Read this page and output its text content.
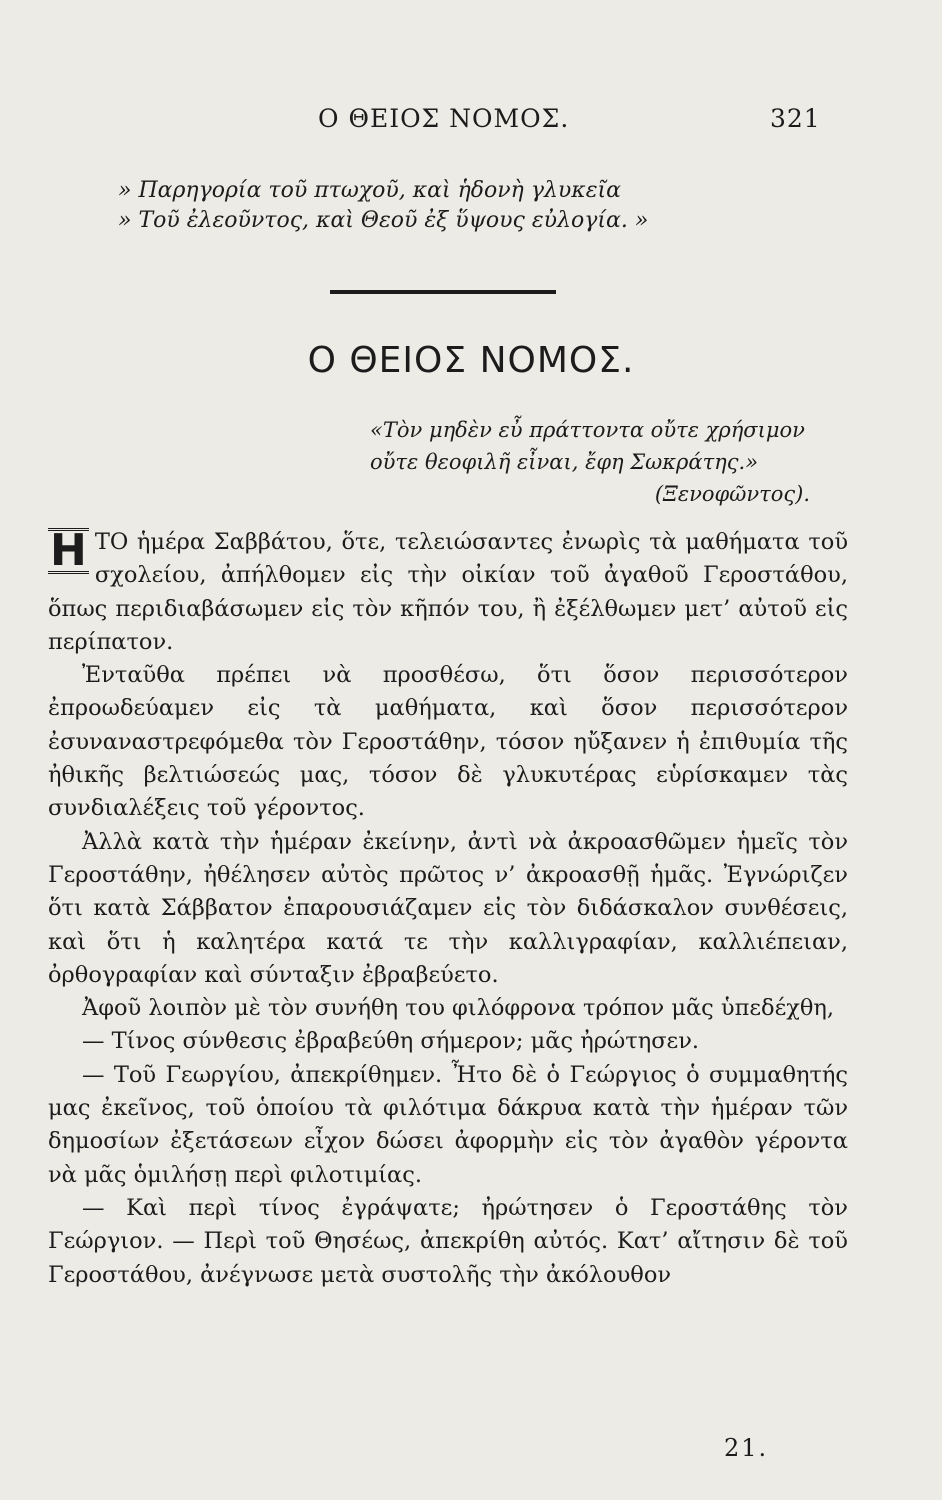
Ο ΘΕΙΟΣ ΝΟΜΟΣ.	321
» Παρηγορία τοῦ πτωχοῦ, καὶ ἡδονὴ γλυκεῖα
» Τοῦ ἐλεοῦντος, καὶ Θεοῦ ἐξ ὕψους εὐλογία. »
Ο ΘΕΙΟΣ ΝΟΜΟΣ.
«Τὸν μηδὲν εὖ πράττοντα οὔτε χρήσιμον
οὔτε θεοφιλῆ εἶναι, ἔφη Σωκράτης.»
(Ξενοφῶντος).

Η ΤΟ ἡμέρα Σαββάτου, ὅτε, τελειώσαντες ἐνωρὶς τὰ μαθήματα τοῦ σχολείου, ἀπήλθομεν εἰς τὴν οἰκίαν τοῦ ἀγαθοῦ Γεροστάθου, ὅπως περιδιαβάσωμεν εἰς τὸν κῆπόν του, ἢ ἐξέλθωμεν μετ’ αὐτοῦ εἰς περίπατον.

Ἐνταῦθα πρέπει νὰ προσθέσω, ὅτι ὅσον περισσότερον ἐπροωδεύαμεν εἰς τὰ μαθήματα, καὶ ὅσον περισσότερον ἐσυναναστρεφόμεθα τὸν Γεροστάθην, τόσον ηὔξανεν ἡ ἐπιθυμία τῆς ἠθικῆς βελτιώσεώς μας, τόσον δὲ γλυκυτέρας εὑρίσκαμεν τὰς συνδιαλέξεις τοῦ γέροντος.

Ἀλλὰ κατὰ τὴν ἡμέραν ἐκείνην, ἀντὶ νὰ ἀκροασθῶμεν ἡμεῖς τὸν Γεροστάθην, ἠθέλησεν αὐτὸς πρῶτος ν’ ἀκροασθῇ ἡμᾶς. Ἐγνώριζεν ὅτι κατὰ Σάββατον ἐπαρουσιάζαμεν εἰς τὸν διδάσκαλον συνθέσεις, καὶ ὅτι ἡ καλητέρα κατά τε τὴν καλλιγραφίαν, καλλιέπειαν, ὀρθογραφίαν καὶ σύνταξιν ἐβραβεύετο.

Ἀφοῦ λοιπὸν μὲ τὸν συνήθη του φιλόφρονα τρόπον μᾶς ὑπεδέχθη,

— Τίνος σύνθεσις ἐβραβεύθη σήμερον; μᾶς ἠρώτησεν.

— Τοῦ Γεωργίου, ἀπεκρίθημεν. Ἦτο δὲ ὁ Γεώργιος ὁ συμμαθητής μας ἐκεῖνος, τοῦ ὁποίου τὰ φιλότιμα δάκρυα κατὰ τὴν ἡμέραν τῶν δημοσίων ἐξετάσεων εἶχον δώσει ἀφορμὴν εἰς τὸν ἀγαθὸν γέροντα νὰ μᾶς ὁμιλήσῃ περὶ φιλοτιμίας.

— Καὶ περὶ τίνος ἐγράψατε; ἠρώτησεν ὁ Γεροστάθης τὸν Γεώργιον. — Περὶ τοῦ Θησέως, ἀπεκρίθη αὐτός. Κατ’ αἴτησιν δὲ τοῦ Γεροστάθου, ἀνέγνωσε μετὰ συστολῆς τὴν ἀκόλουθον

21.
